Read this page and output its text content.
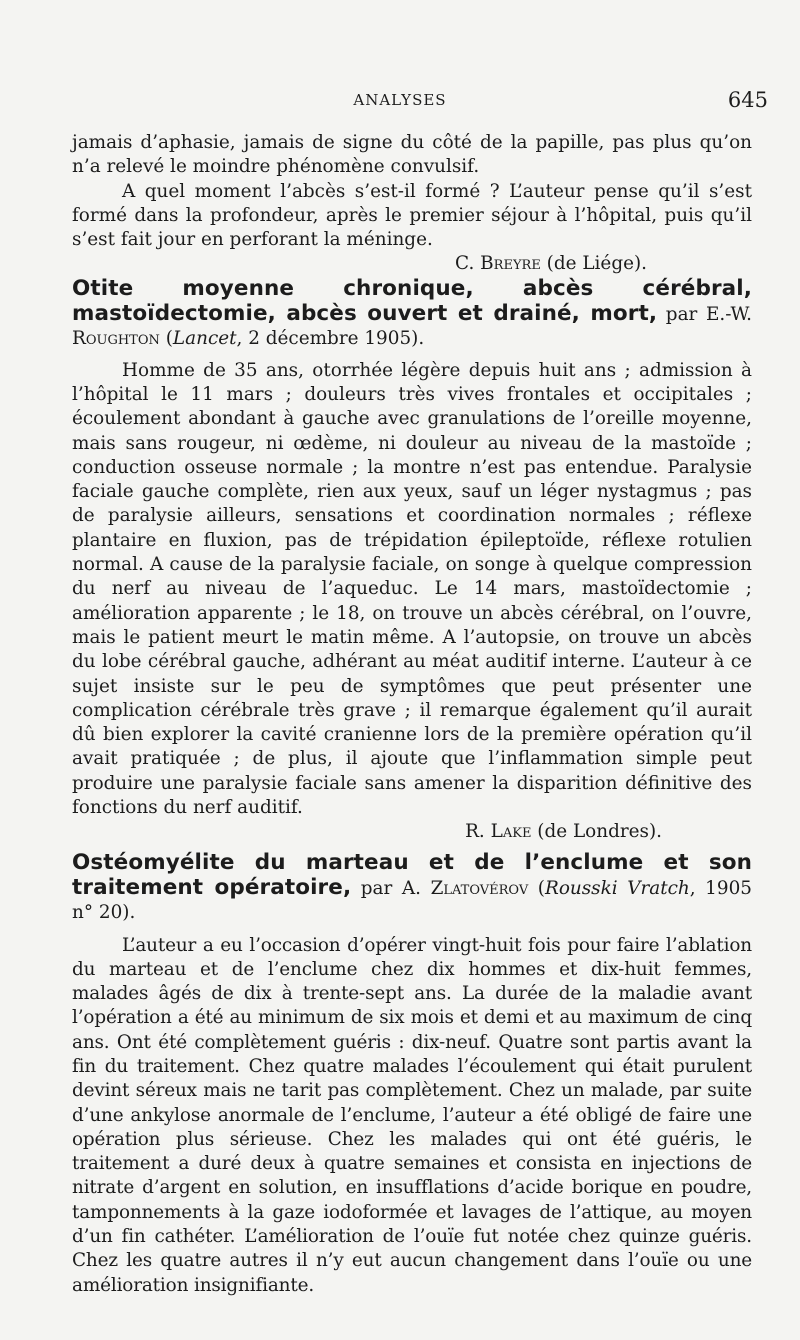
ANALYSES	645

jamais d’aphasie, jamais de signe du côté de la papille, pas plus qu’on n’a relevé le moindre phénomène convulsif.

A quel moment l’abcès s’est-il formé ? L’auteur pense qu’il s’est formé dans la profondeur, après le premier séjour à l’hôpital, puis qu’il s’est fait jour en perforant la méninge.

C. Breyre (de Liége).

Otite moyenne chronique, abcès cérébral, mastoïdectomie, abcès ouvert et drainé, mort, par E.-W. Roughton (Lancet, 2 décembre 1905).

Homme de 35 ans, otorrhée légère depuis huit ans ; admission à l’hôpital le 11 mars ; douleurs très vives frontales et occipitales ; écoulement abondant à gauche avec granulations de l’oreille moyenne, mais sans rougeur, ni œdème, ni douleur au niveau de la mastoïde ; conduction osseuse normale ; la montre n’est pas entendue. Paralysie faciale gauche complète, rien aux yeux, sauf un léger nystagmus ; pas de paralysie ailleurs, sensations et coordination normales ; réflexe plantaire en fluxion, pas de trépidation épileptoïde, réflexe rotulien normal. A cause de la paralysie faciale, on songe à quelque compression du nerf au niveau de l’aqueduc. Le 14 mars, mastoïdectomie ; amélioration apparente ; le 18, on trouve un abcès cérébral, on l’ouvre, mais le patient meurt le matin même. A l’autopsie, on trouve un abcès du lobe cérébral gauche, adhérant au méat auditif interne. L’auteur à ce sujet insiste sur le peu de symptômes que peut présenter une complication cérébrale très grave ; il remarque également qu’il aurait dû bien explorer la cavité cranienne lors de la première opération qu’il avait pratiquée ; de plus, il ajoute que l’inflammation simple peut produire une paralysie faciale sans amener la disparition définitive des fonctions du nerf auditif.

R. Lake (de Londres).

Ostéomyélite du marteau et de l’enclume et son traitement opératoire, par A. Zlatovérov (Rousski Vratch, 1905 n° 20).

L’auteur a eu l’occasion d’opérer vingt-huit fois pour faire l’ablation du marteau et de l’enclume chez dix hommes et dix-huit femmes, malades âgés de dix à trente-sept ans. La durée de la maladie avant l’opération a été au minimum de six mois et demi et au maximum de cinq ans. Ont été complètement guéris : dix-neuf. Quatre sont partis avant la fin du traitement. Chez quatre malades l’écoulement qui était purulent devint séreux mais ne tarit pas complètement. Chez un malade, par suite d’une ankylose anormale de l’enclume, l’auteur a été obligé de faire une opération plus sérieuse. Chez les malades qui ont été guéris, le traitement a duré deux à quatre semaines et consista en injections de nitrate d’argent en solution, en insufflations d’acide borique en poudre, tamponnements à la gaze iodoformée et lavages de l’attique, au moyen d’un fin cathéter. L’amélioration de l’ouïe fut notée chez quinze guéris. Chez les quatre autres il n’y eut aucun changement dans l’ouïe ou une amélioration insignifiante.
